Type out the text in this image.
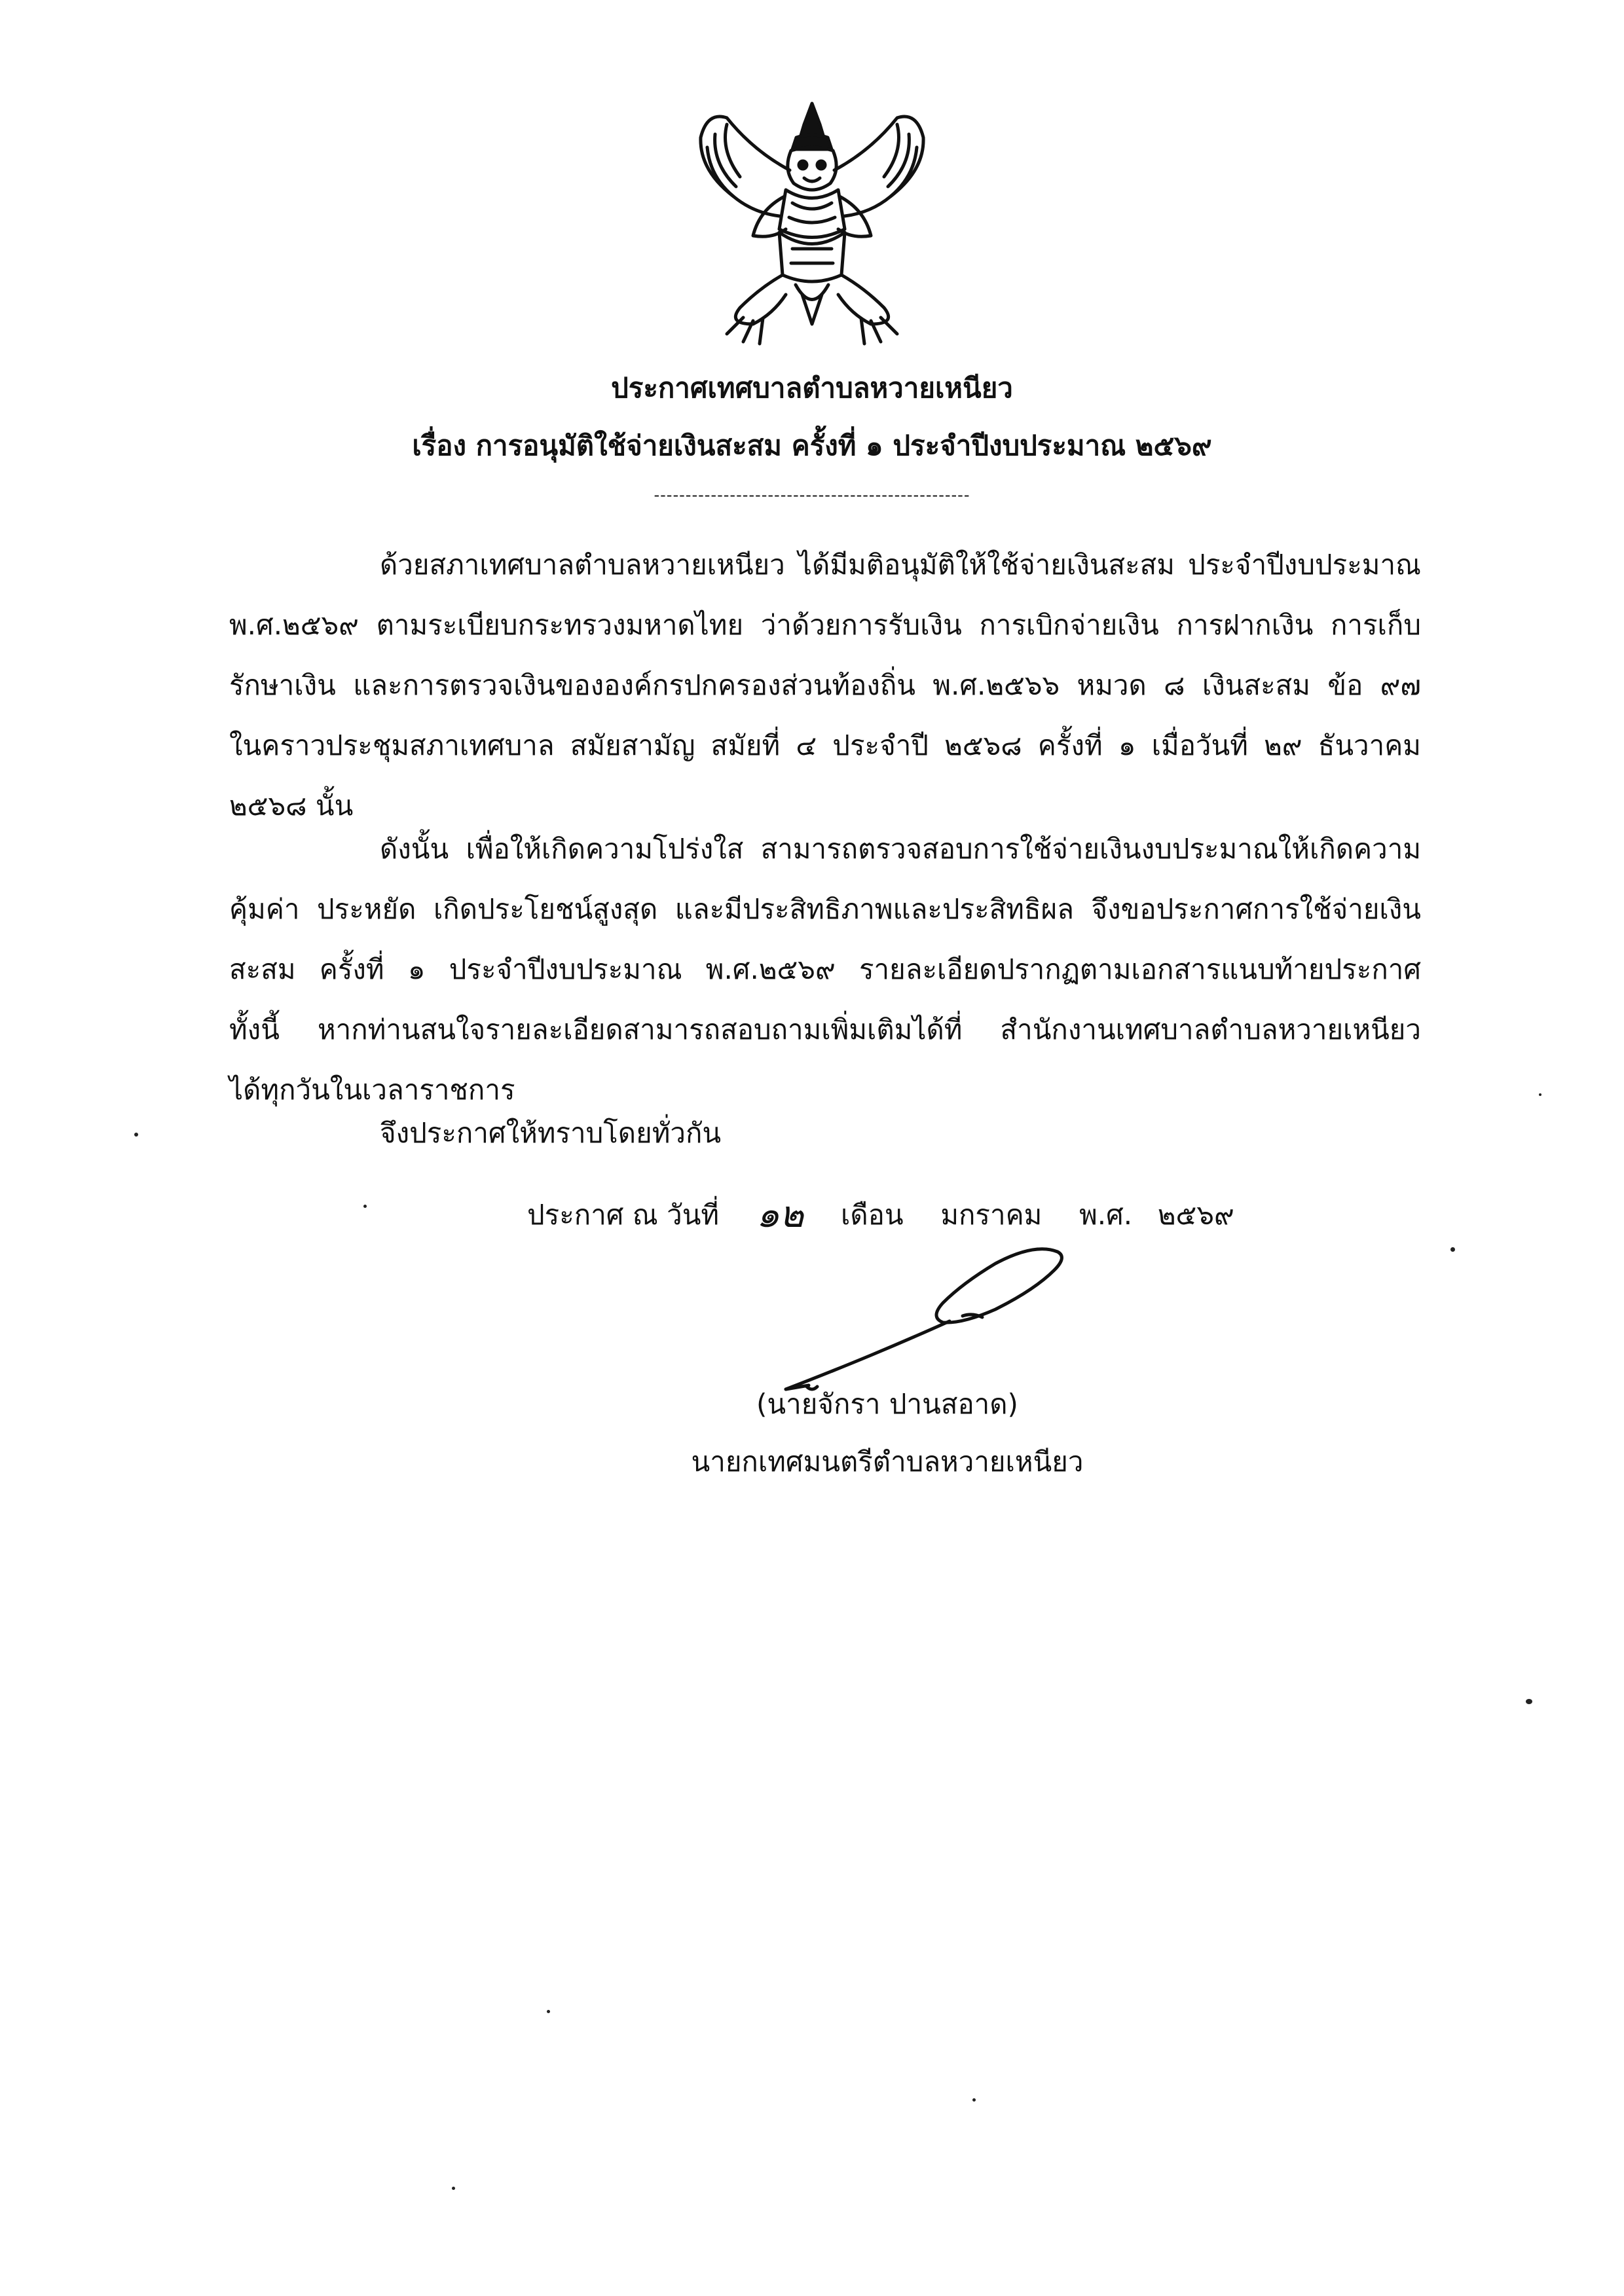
ประกาศเทศบาลตำบลหวายเหนียว
เรื่อง การอนุมัติใช้จ่ายเงินสะสม ครั้งที่ ๑ ประจำปีงบประมาณ ๒๕๖๙
--------------------------------------------------
ด้วยสภาเทศบาลตำบลหวายเหนียว ได้มีมติอนุมัติให้ใช้จ่ายเงินสะสม ประจำปีงบประมาณ
พ.ศ.๒๕๖๙ ตามระเบียบกระทรวงมหาดไทย ว่าด้วยการรับเงิน การเบิกจ่ายเงิน การฝากเงิน การเก็บ
รักษาเงิน และการตรวจเงินขององค์กรปกครองส่วนท้องถิ่น พ.ศ.๒๕๖๖ หมวด ๘ เงินสะสม ข้อ ๙๗
ในคราวประชุมสภาเทศบาล สมัยสามัญ สมัยที่ ๔ ประจำปี ๒๕๖๘ ครั้งที่ ๑ เมื่อวันที่ ๒๙ ธันวาคม
๒๕๖๘ นั้น
ดังนั้น เพื่อให้เกิดความโปร่งใส สามารถตรวจสอบการใช้จ่ายเงินงบประมาณให้เกิดความ
คุ้มค่า ประหยัด เกิดประโยชน์สูงสุด และมีประสิทธิภาพและประสิทธิผล จึงขอประกาศการใช้จ่ายเงิน
สะสม ครั้งที่ ๑ ประจำปีงบประมาณ พ.ศ.๒๕๖๙ รายละเอียดปรากฏตามเอกสารแนบท้ายประกาศ
ทั้งนี้ หากท่านสนใจรายละเอียดสามารถสอบถามเพิ่มเติมได้ที่ สำนักงานเทศบาลตำบลหวายเหนียว
ได้ทุกวันในเวลาราชการ
จึงประกาศให้ทราบโดยทั่วกัน
ประกาศ ณ วันที่ ๑๒ เดือน มกราคม พ.ศ. ๒๕๖๙
(นายจักรา ปานสอาด)
นายกเทศมนตรีตำบลหวายเหนียว
